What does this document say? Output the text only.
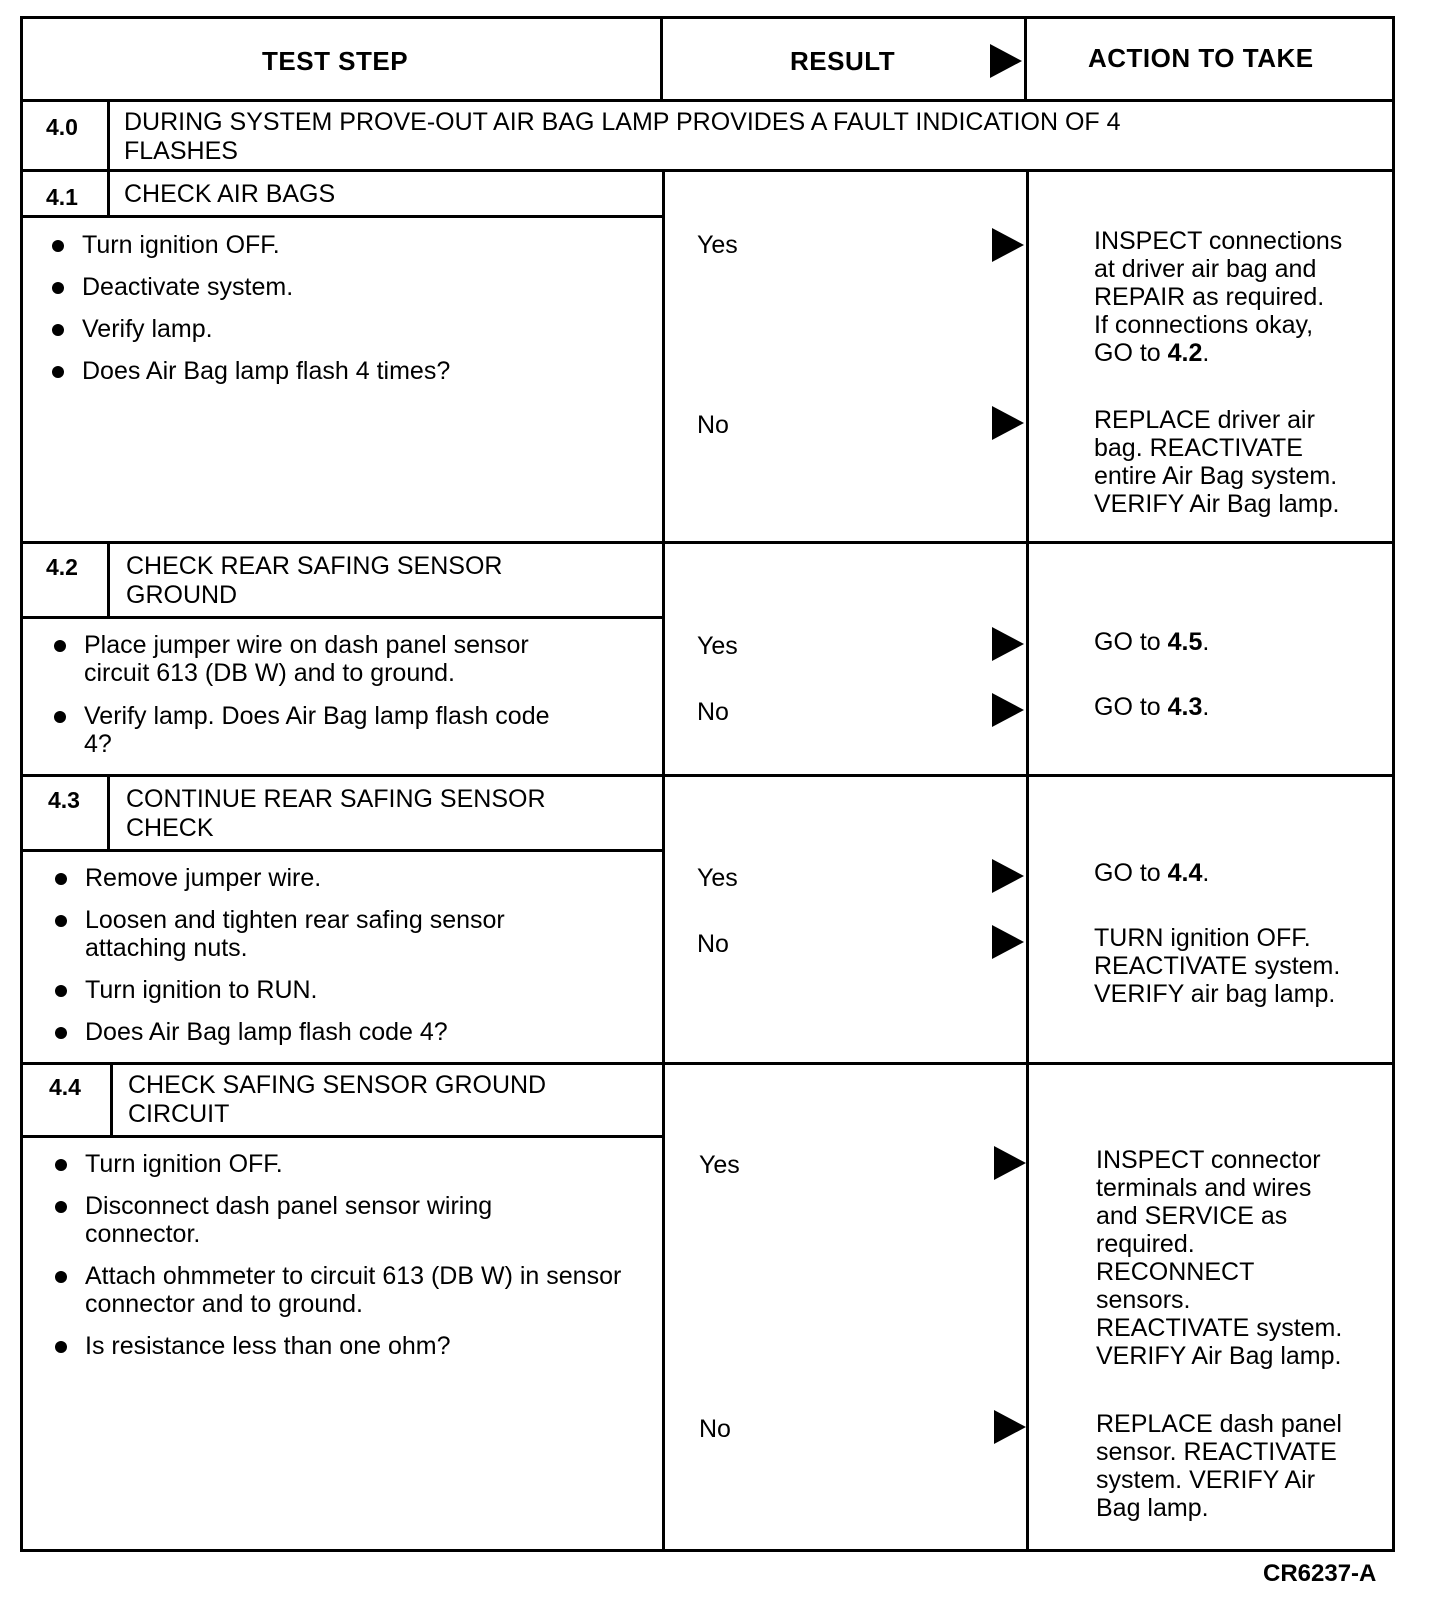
TEST STEP	RESULT	ACTION TO TAKE
4.0 DURING SYSTEM PROVE-OUT AIR BAG LAMP PROVIDES A FAULT INDICATION OF 4
FLASHES
4.1 CHECK AIR BAGS
Turn ignition OFF.
Deactivate system.
Verify lamp.
Does Air Bag lamp flash 4 times?
Yes	INSPECT connections
at driver air bag and
REPAIR as required.
If connections okay,
GO to 4.2.
No	REPLACE driver air
bag. REACTIVATE
entire Air Bag system.
VERIFY Air Bag lamp.
4.2 CHECK REAR SAFING SENSOR
GROUND
Place jumper wire on dash panel sensor circuit 613 (DB W) and to ground.
Verify lamp. Does Air Bag lamp flash code 4?
Yes	GO to 4.5.
No	GO to 4.3.
4.3 CONTINUE REAR SAFING SENSOR
CHECK
Remove jumper wire.
Loosen and tighten rear safing sensor attaching nuts.
Turn ignition to RUN.
Does Air Bag lamp flash code 4?
Yes	GO to 4.4.
No	TURN ignition OFF.
REACTIVATE system.
VERIFY air bag lamp.
4.4 CHECK SAFING SENSOR GROUND
CIRCUIT
Turn ignition OFF.
Disconnect dash panel sensor wiring connector.
Attach ohmmeter to circuit 613 (DB W) in sensor connector and to ground.
Is resistance less than one ohm?
Yes	INSPECT connector
terminals and wires
and SERVICE as
required.
RECONNECT
sensors.
REACTIVATE system.
VERIFY Air Bag lamp.
No	REPLACE dash panel
sensor. REACTIVATE
system. VERIFY Air
Bag lamp.
CR6237-A
